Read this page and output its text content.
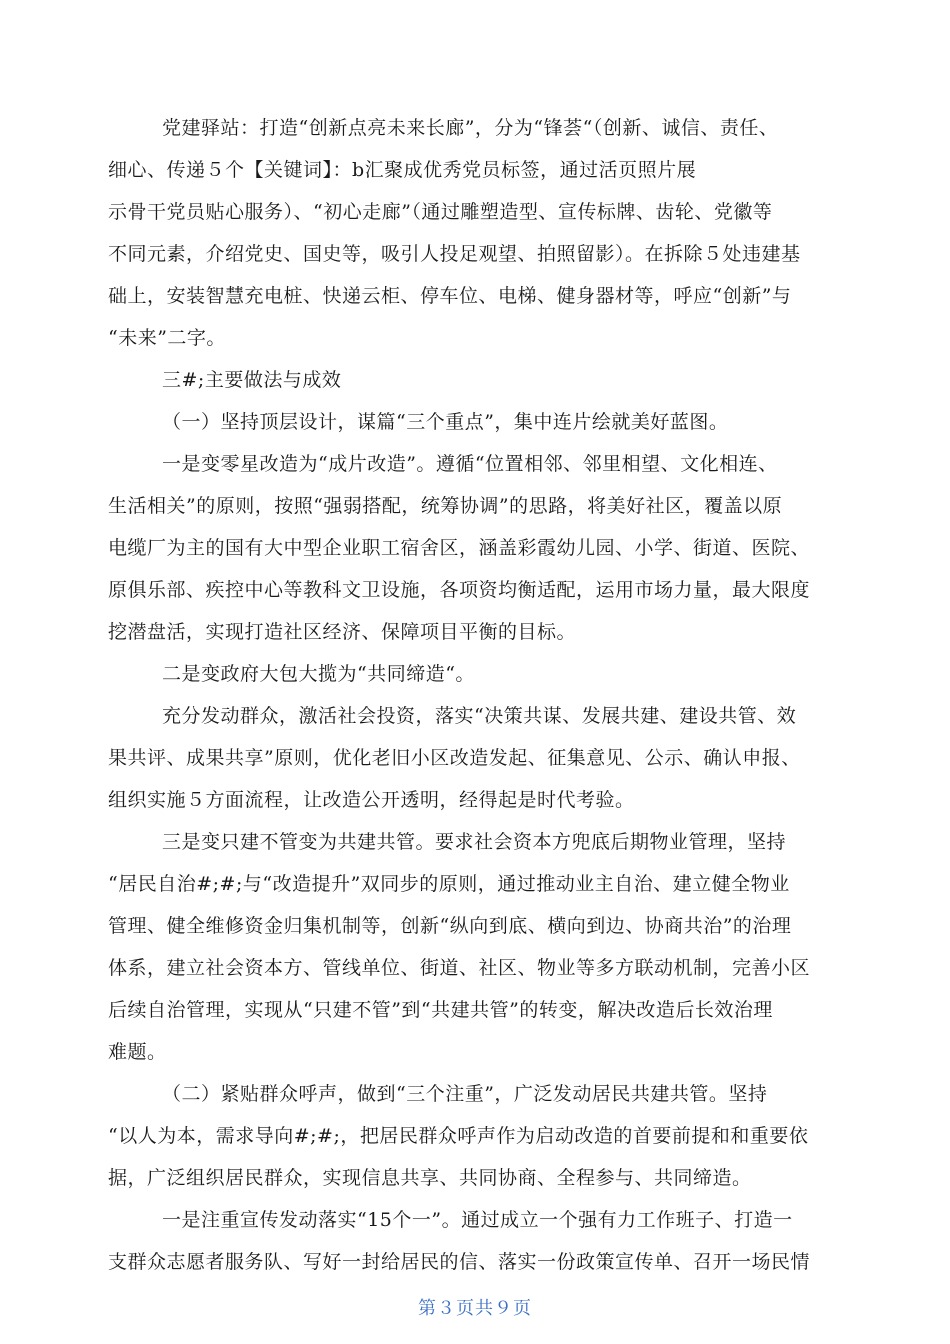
党建驿站：打造“创新点亮未来长廊”，分为“锋荟“（创新、诚信、责任、
细心、传递５个【关键词】：b汇聚成优秀党员标签，通过活页照片展
示骨干党员贴心服务）、“初心走廊”（通过雕塑造型、宣传标牌、齿轮、党徽等
不同元素，介绍党史、国史等，吸引人投足观望、拍照留影）。在拆除５处违建基
础上，安装智慧充电桩、快递云柜、停车位、电梯、健身器材等，呼应“创新”与
“未来”二字。
三#;主要做法与成效
（一）坚持顶层设计，谋篇“三个重点”，集中连片绘就美好蓝图。
一是变零星改造为“成片改造”。遵循“位置相邻、邻里相望、文化相连、
生活相关”的原则，按照“强弱搭配，统筹协调”的思路，将美好社区，覆盖以原
电缆厂为主的国有大中型企业职工宿舍区，涵盖彩霞幼儿园、小学、街道、医院、
原俱乐部、疾控中心等教科文卫设施，各项资均衡适配，运用市场力量，最大限度
挖潜盘活，实现打造社区经济、保障项目平衡的目标。
二是变政府大包大揽为“共同缔造“。
充分发动群众，激活社会投资，落实“决策共谋、发展共建、建设共管、效
果共评、成果共享”原则，优化老旧小区改造发起、征集意见、公示、确认申报、
组织实施５方面流程，让改造公开透明，经得起是时代考验。
三是变只建不管变为共建共管。要求社会资本方兜底后期物业管理，坚持
“居民自治#;#;与“改造提升”双同步的原则，通过推动业主自治、建立健全物业
管理、健全维修资金归集机制等，创新“纵向到底、横向到边、协商共治”的治理
体系，建立社会资本方、管线单位、街道、社区、物业等多方联动机制，完善小区
后续自治管理，实现从“只建不管”到“共建共管”的转变，解决改造后长效治理
难题。
（二）紧贴群众呼声，做到“三个注重”，广泛发动居民共建共管。坚持
“以人为本，需求导向#;#;，把居民群众呼声作为启动改造的首要前提和和重要依
据，广泛组织居民群众，实现信息共享、共同协商、全程参与、共同缔造。
一是注重宣传发动落实“15个一”。通过成立一个强有力工作班子、打造一
支群众志愿者服务队、写好一封给居民的信、落实一份政策宣传单、召开一场民情
第３页共９页
